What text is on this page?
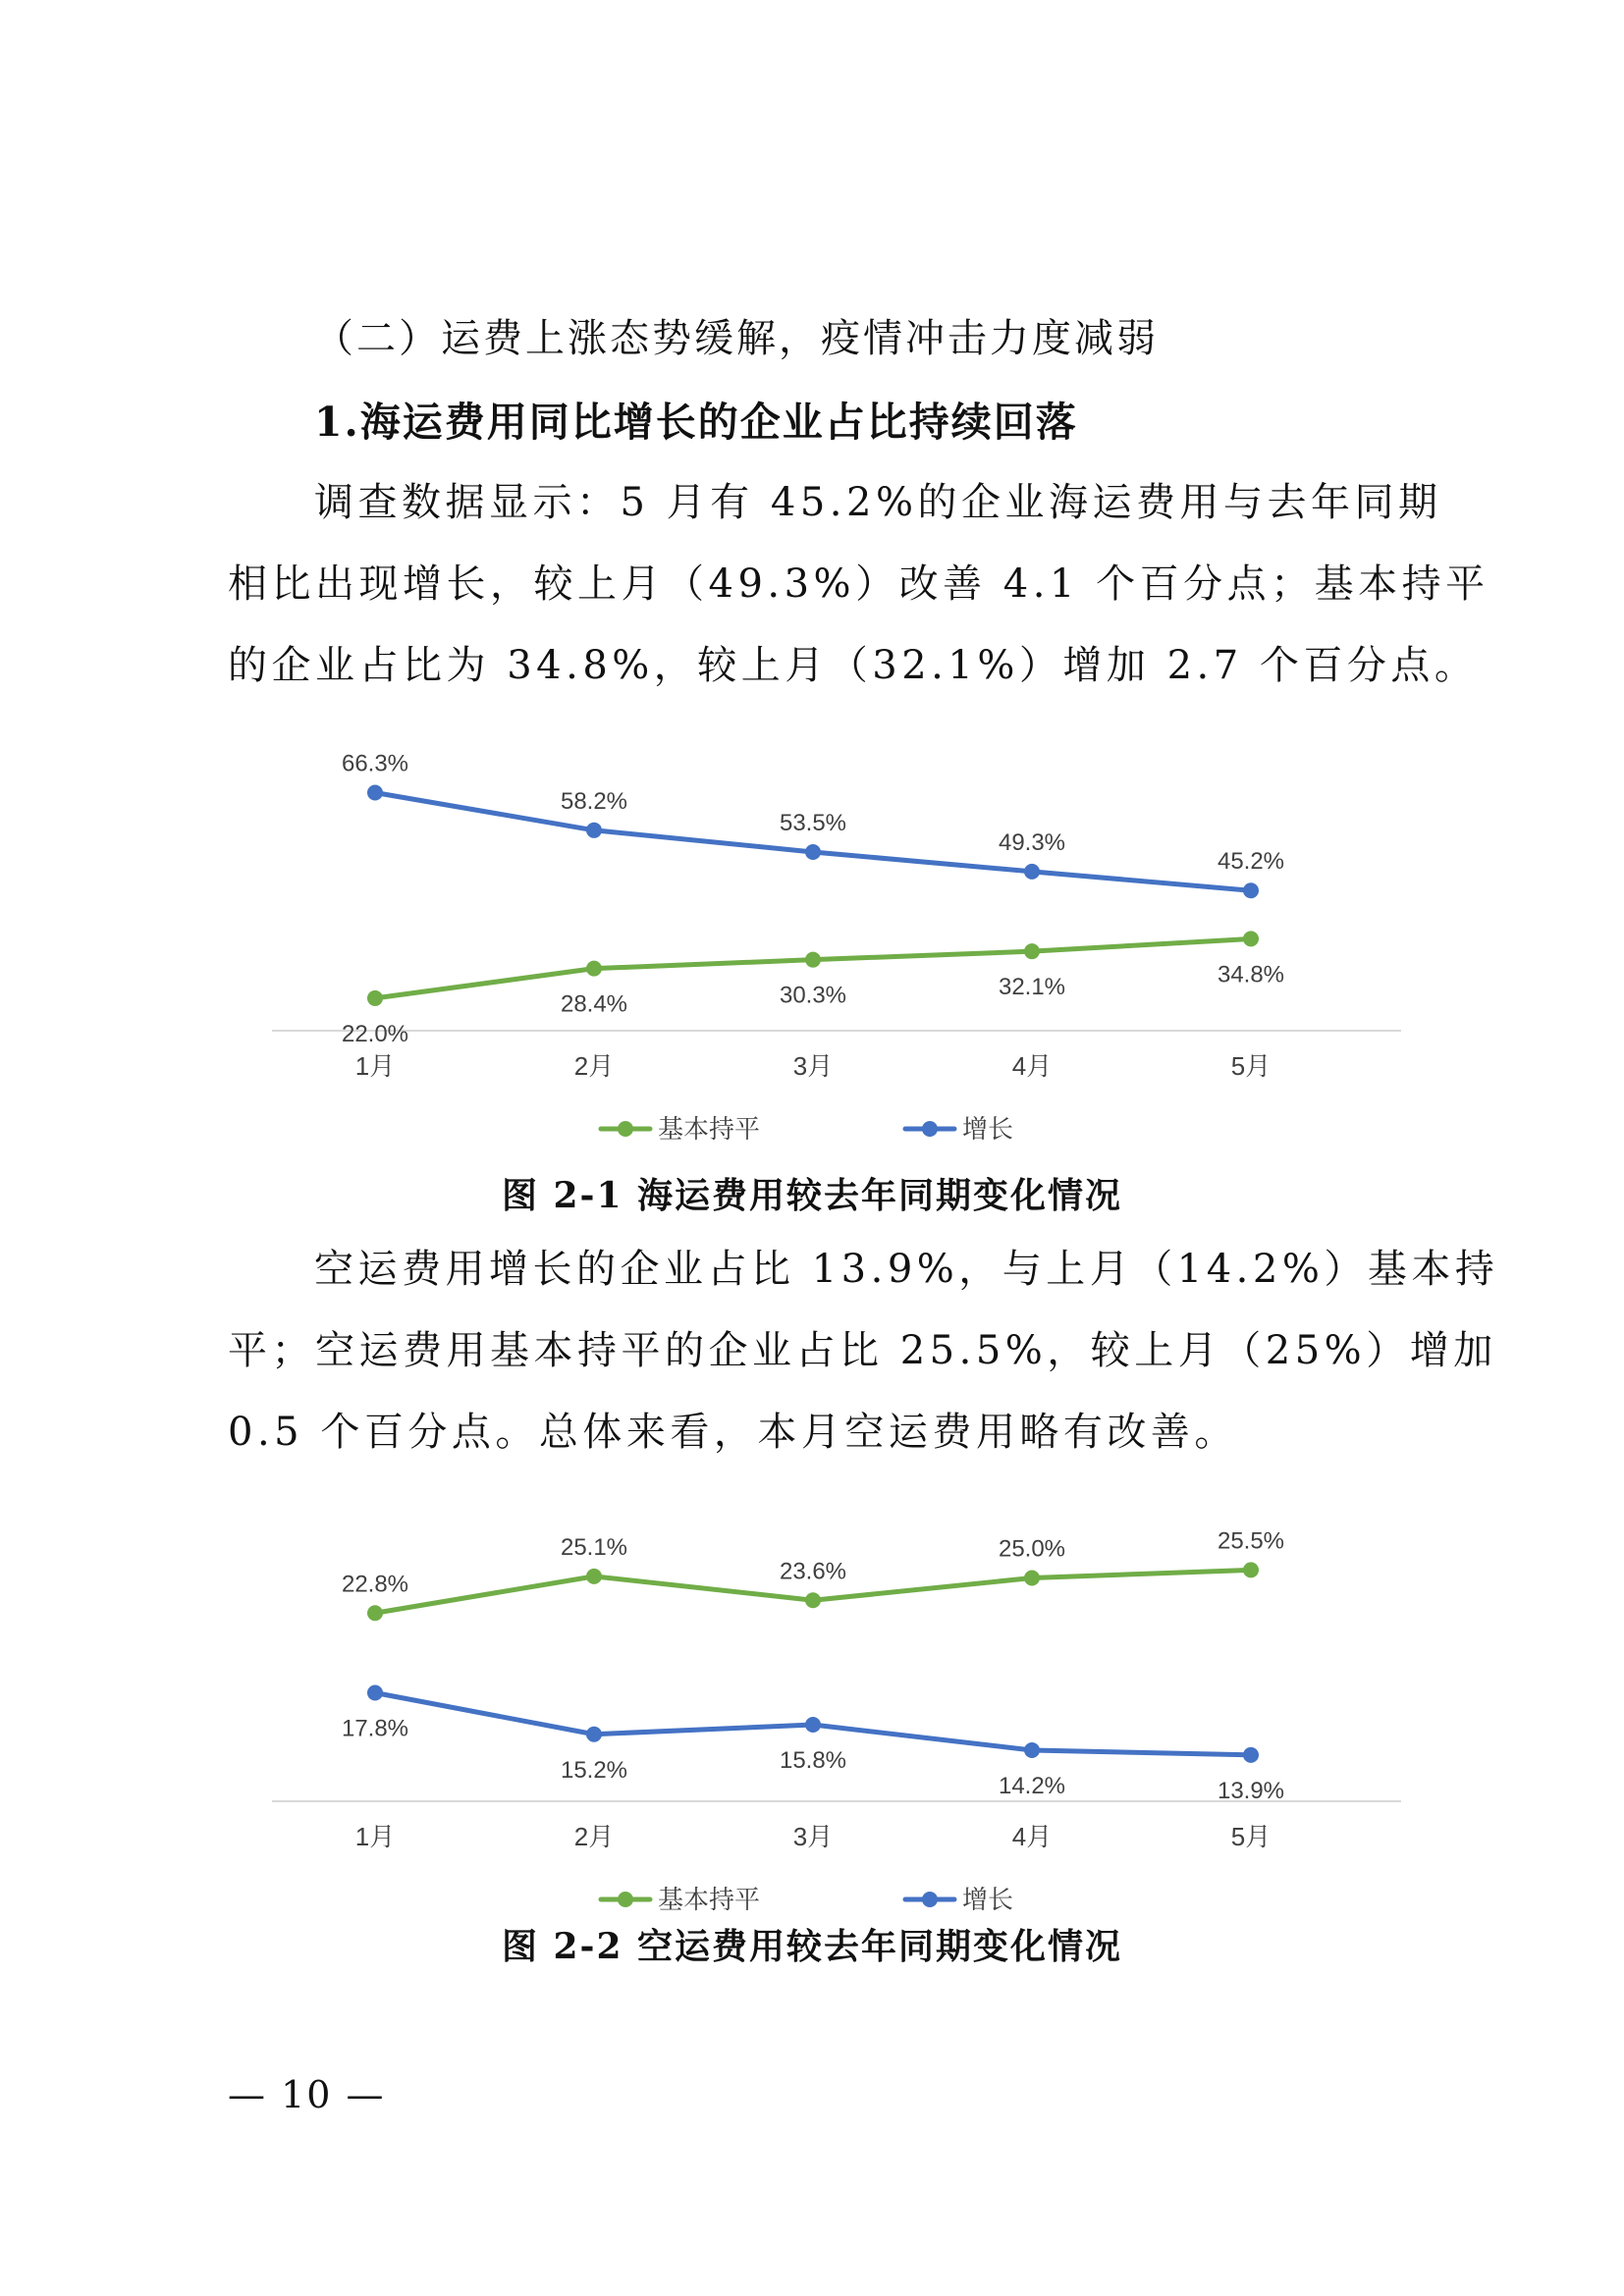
（二）运费上涨态势缓解，疫情冲击力度减弱
1.海运费用同比增长的企业占比持续回落

调查数据显示：5 月有 45.2%的企业海运费用与去年同期
相比出现增长，较上月（49.3%）改善 4.1 个百分点；基本持平
的企业占比为 34.8%，较上月（32.1%）增加 2.7 个百分点。

1月	2月	3月	4月	5月
22.0%
28.4%	30.3%	32.1%	34.8%
66.3%
58.2%
53.5%
49.3%
45.2%
基本持平	增长

图 2-1 海运费用较去年同期变化情况

空运费用增长的企业占比 13.9%，与上月（14.2%）基本持
平；空运费用基本持平的企业占比 25.5%，较上月（25%）增加
0.5 个百分点。总体来看，本月空运费用略有改善。

1月	2月	3月	4月	5月
22.8%
25.1%
23.6%
25.0%	25.5%
17.8%
15.2%	15.8%
14.2%	13.9%
基本持平	增长

图 2-2 空运费用较去年同期变化情况

— 10 —
